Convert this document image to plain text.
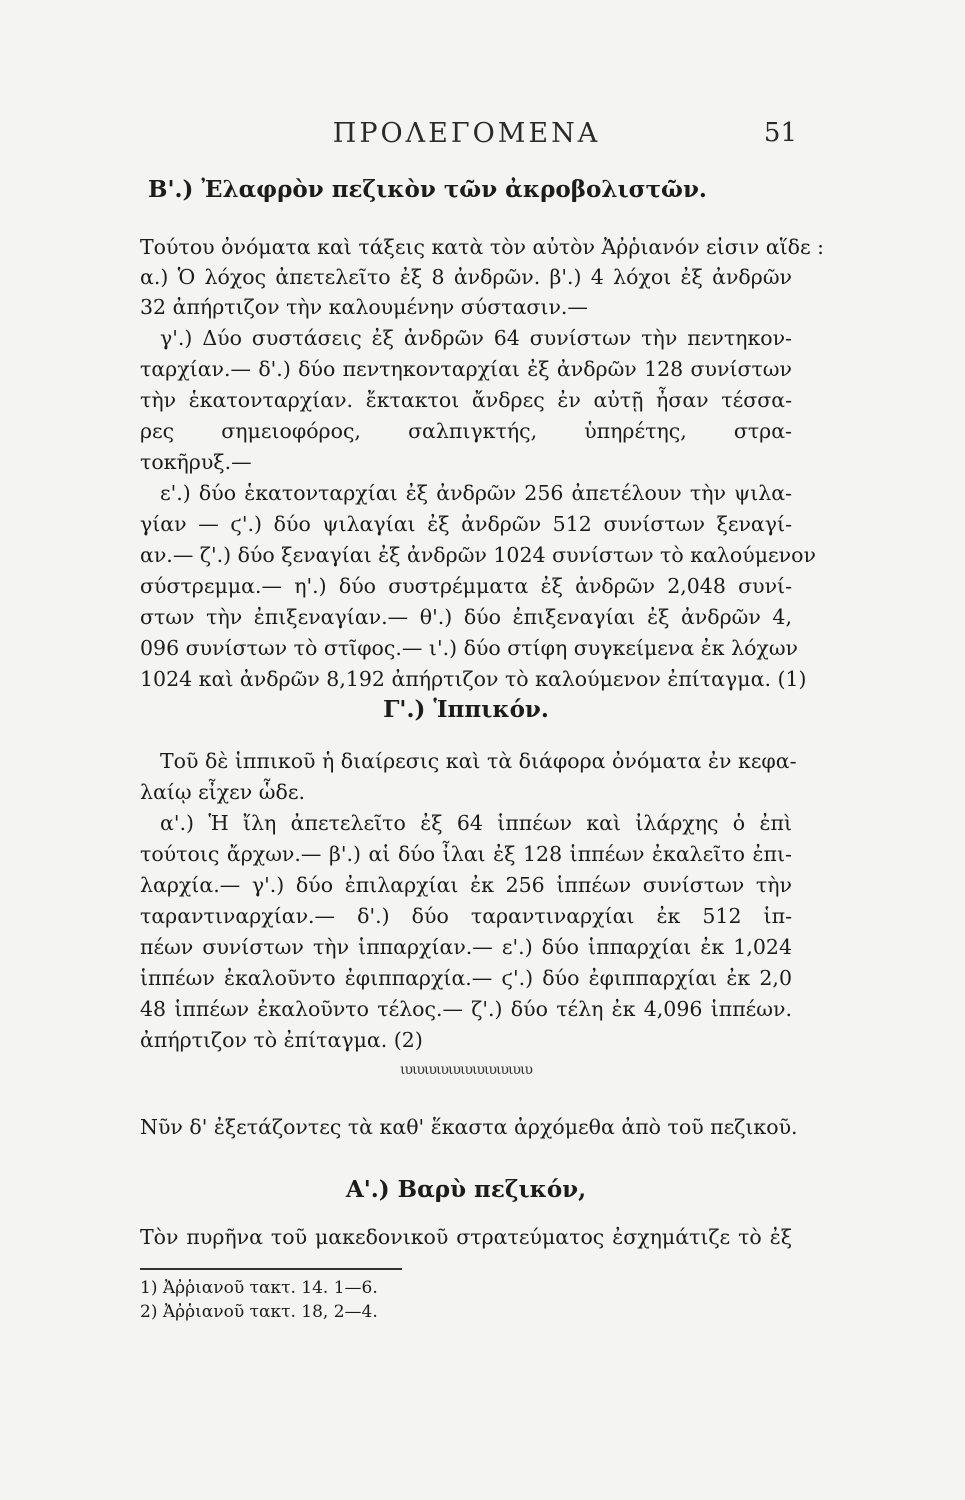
ΠΡΟΛΕΓΟΜΕΝΑ	51
Β'.) Ἐλαφρὸν πεζικὸν τῶν ἀκροβολιστῶν.
Τούτου ὀνόματα καὶ τάξεις κατὰ τὸν αὐτὸν Ἀῤῥιανόν εἰσιν αἵδε :
α.) Ὁ λόχος ἀπετελεῖτο ἐξ 8 ἀνδρῶν. β'.) 4 λόχοι ἐξ ἀνδρῶν
32 ἀπήρτιζον τὴν καλουμένην σύστασιν.—
γ'.) Δύο συστάσεις ἐξ ἀνδρῶν 64 συνίστων τὴν πεντηκον-
ταρχίαν.— δ'.) δύο πεντηκονταρχίαι ἐξ ἀνδρῶν 128 συνίστων
τὴν ἑκατονταρχίαν. ἔκτακτοι ἄνδρες ἐν αὐτῇ ἦσαν τέσσα-
ρες σημειοφόρος, σαλπιγκτής, ὑπηρέτης, στρα-
τοκῆρυξ.—
ε'.) δύο ἑκατονταρχίαι ἐξ ἀνδρῶν 256 ἀπετέλουν τὴν ψιλα-
γίαν — ϛ'.) δύο ψιλαγίαι ἐξ ἀνδρῶν 512 συνίστων ξεναγί-
αν.— ζ'.) δύο ξεναγίαι ἐξ ἀνδρῶν 1024 συνίστων τὸ καλούμενον
σύστρεμμα.— η'.) δύο συστρέμματα ἐξ ἀνδρῶν 2,048 συνί-
στων τὴν ἐπιξεναγίαν.— θ'.) δύο ἐπιξεναγίαι ἐξ ἀνδρῶν 4,
096 συνίστων τὸ στῖφος.— ι'.) δύο στίφη συγκείμενα ἐκ λόχων
1024 καὶ ἀνδρῶν 8,192 ἀπήρτιζον τὸ καλούμενον ἐπίταγμα. (1)
Γ'.) Ἱππικόν.
Τοῦ δὲ ἱππικοῦ ἡ διαίρεσις καὶ τὰ διάφορα ὀνόματα ἐν κεφα-
λαίῳ εἶχεν ὧδε.
α'.) Ἡ ἴλη ἀπετελεῖτο ἐξ 64 ἱππέων καὶ ἰλάρχης ὁ ἐπὶ
τούτοις ἄρχων.— β'.) αἱ δύο ἶλαι ἐξ 128 ἱππέων ἐκαλεῖτο ἐπι-
λαρχία.— γ'.) δύο ἐπιλαρχίαι ἐκ 256 ἱππέων συνίστων τὴν
ταραντιναρχίαν.— δ'.) δύο ταραντιναρχίαι ἐκ 512 ἱπ-
πέων συνίστων τὴν ἱππαρχίαν.— ε'.) δύο ἱππαρχίαι ἐκ 1,024
ἱππέων ἐκαλοῦντο ἐφιππαρχία.— ϛ'.) δύο ἐφιππαρχίαι ἐκ 2,0
48 ἱππέων ἐκαλοῦντο τέλος.— ζ'.) δύο τέλη ἐκ 4,096 ἱππέων.
ἀπήρτιζον τὸ ἐπίταγμα. (2)
ιυιυιυιυιυιυιυιυιυιυιυ
Νῦν δ' ἐξετάζοντες τὰ καθ' ἕκαστα ἀρχόμεθα ἀπὸ τοῦ πεζικοῦ.
Α'.) Βαρὺ πεζικόν,
Τὸν πυρῆνα τοῦ μακεδονικοῦ στρατεύματος ἐσχημάτιζε τὸ ἐξ
1) Ἀῤῥιανοῦ τακτ. 14. 1—6.
2) Ἀῤῥιανοῦ τακτ. 18, 2—4.
